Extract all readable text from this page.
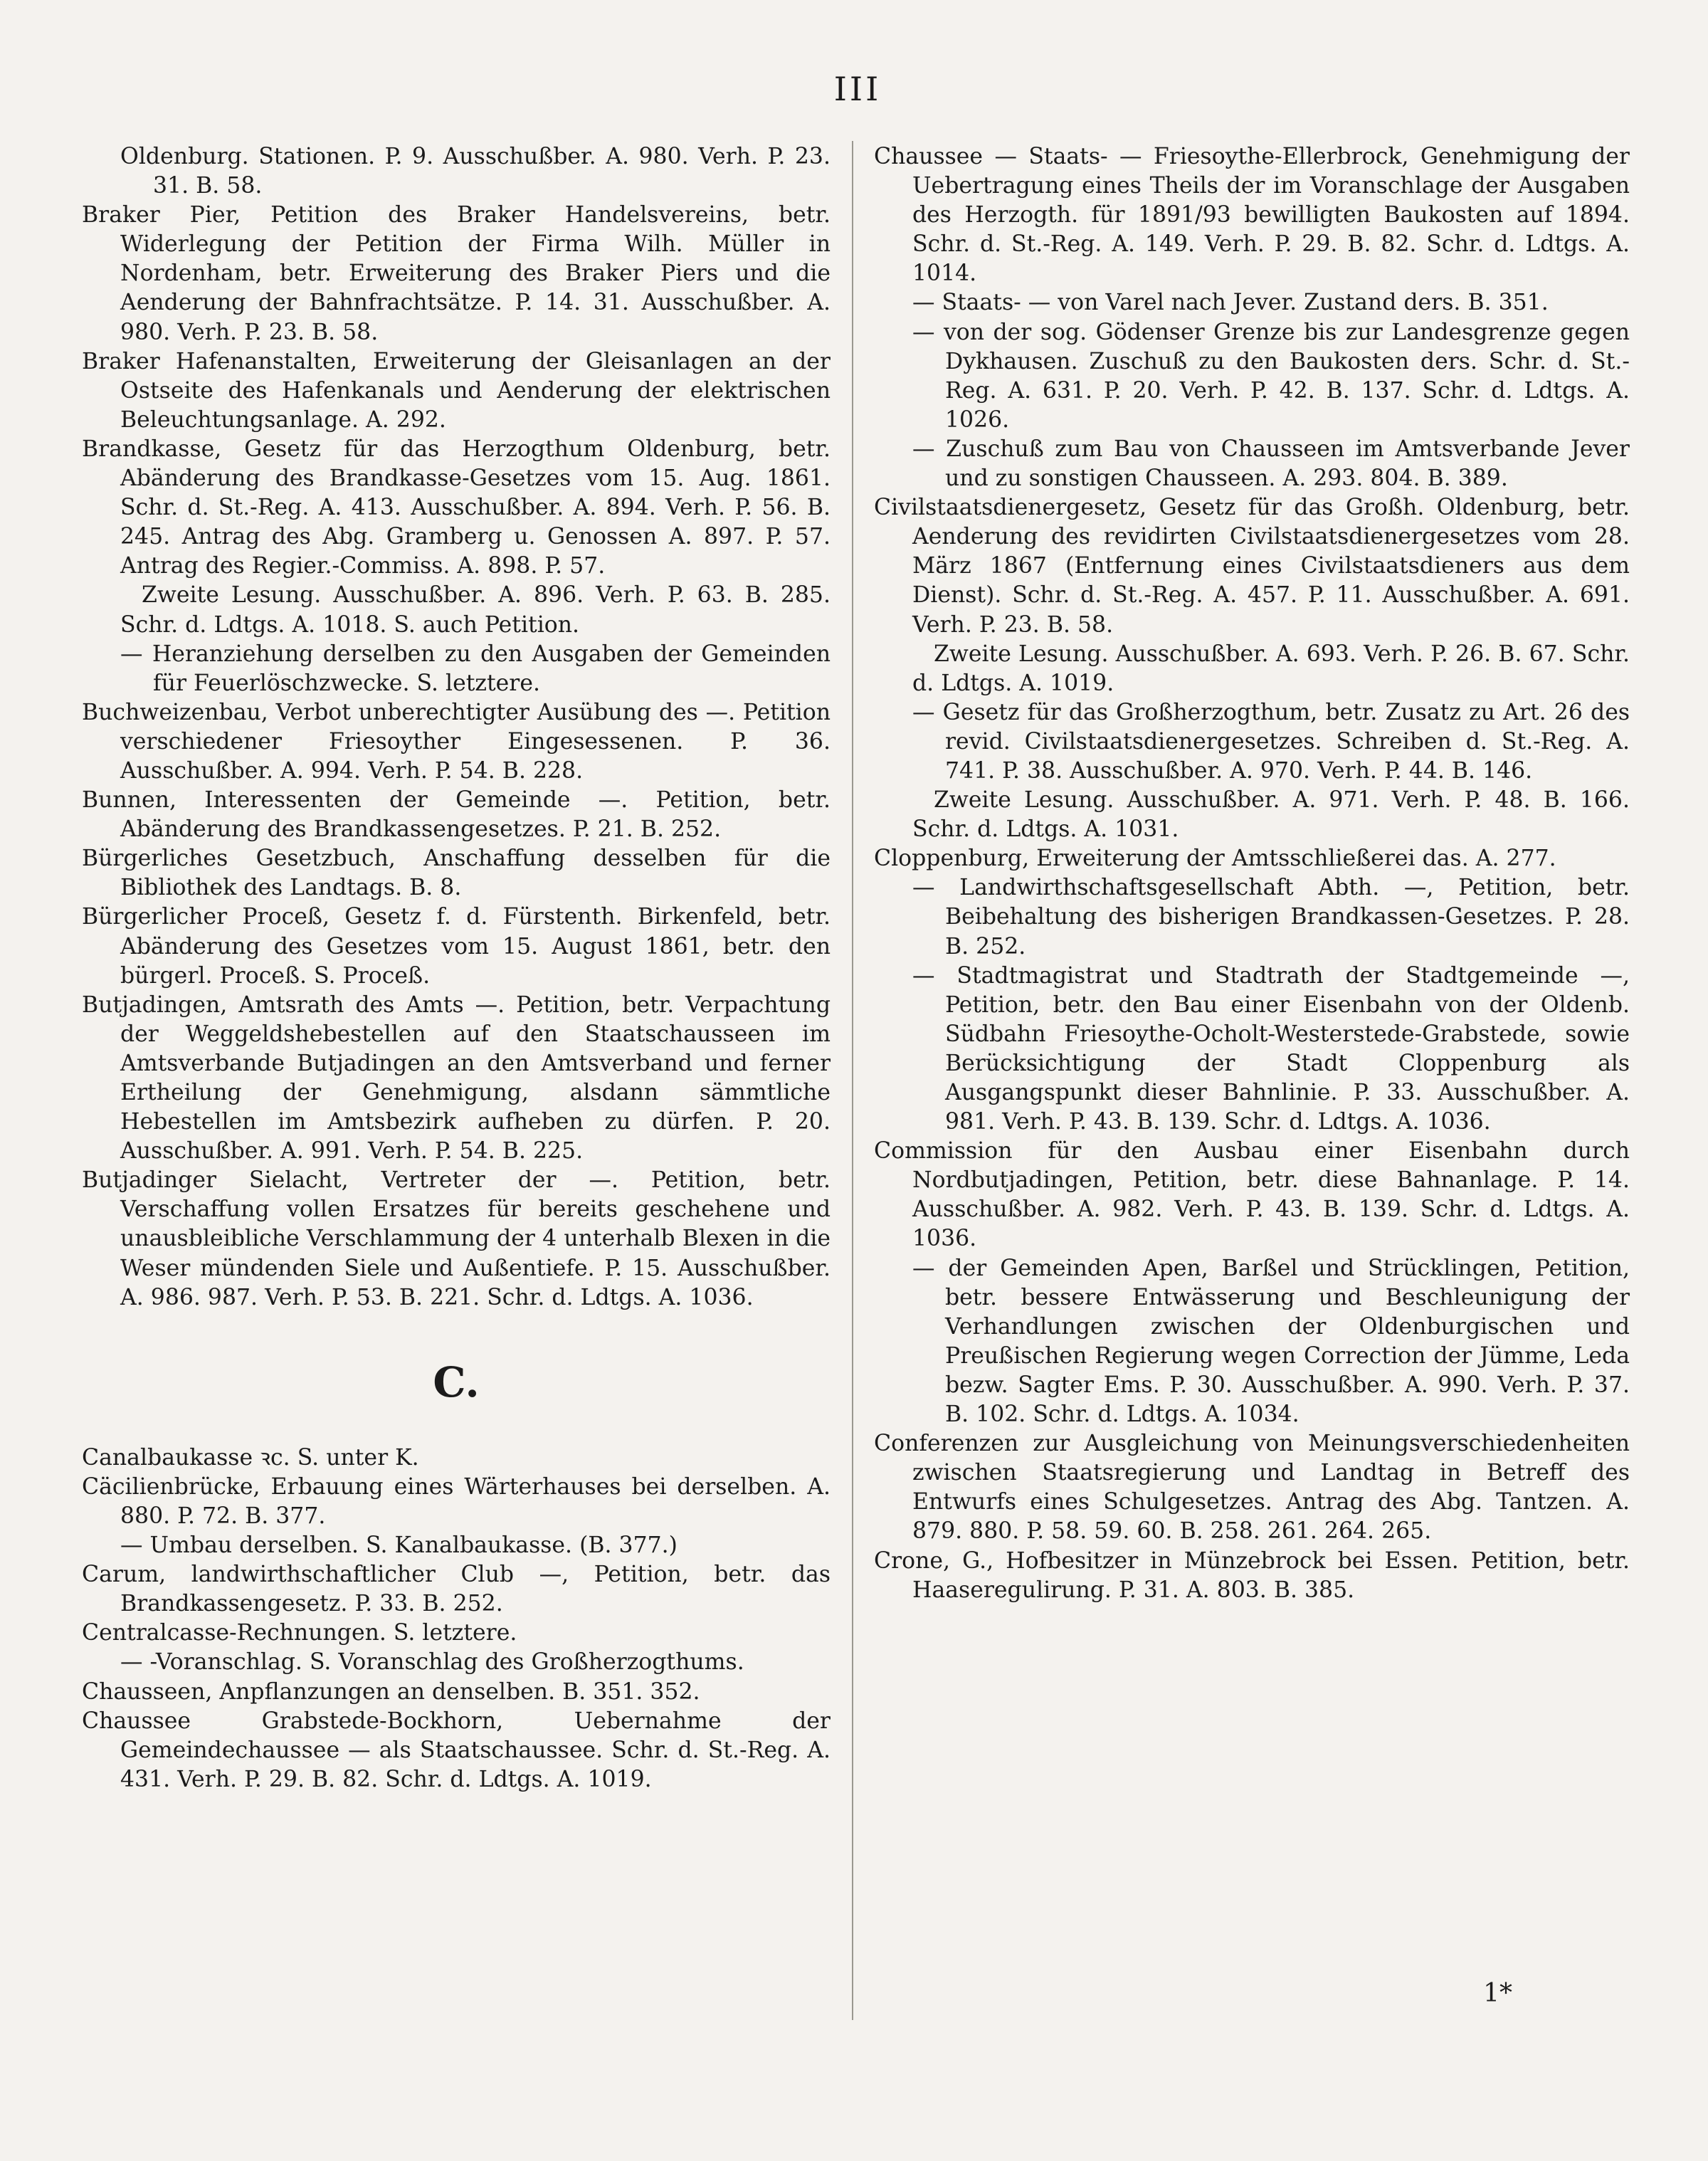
III

Oldenburg. Stationen. P. 9. Ausschußber. A. 980. Verh. P. 23. 31. B. 58.

Braker Pier, Petition des Braker Handelsvereins, betr. Widerlegung der Petition der Firma Wilh. Müller in Nordenham, betr. Erweiterung des Braker Piers und die Aenderung der Bahnfrachtsätze. P. 14. 31. Ausschußber. A. 980. Verh. P. 23. B. 58.

Braker Hafenanstalten, Erweiterung der Gleisanlagen an der Ostseite des Hafenkanals und Aenderung der elektrischen Beleuchtungsanlage. A. 292.

Brandkasse, Gesetz für das Herzogthum Oldenburg, betr. Abänderung des Brandkasse-Gesetzes vom 15. Aug. 1861. Schr. d. St.-Reg. A. 413. Ausschußber. A. 894. Verh. P. 56. B. 245. Antrag des Abg. Gramberg u. Genossen A. 897. P. 57. Antrag des Regier.-Commiss. A. 898. P. 57.

Zweite Lesung. Ausschußber. A. 896. Verh. P. 63. B. 285. Schr. d. Ldtgs. A. 1018. S. auch Petition.

— Heranziehung derselben zu den Ausgaben der Gemeinden für Feuerlöschzwecke. S. letztere.

Buchweizenbau, Verbot unberechtigter Ausübung des —. Petition verschiedener Friesoyther Eingesessenen. P. 36. Ausschußber. A. 994. Verh. P. 54. B. 228.

Bunnen, Interessenten der Gemeinde —. Petition, betr. Abänderung des Brandkassengesetzes. P. 21. B. 252.

Bürgerliches Gesetzbuch, Anschaffung desselben für die Bibliothek des Landtags. B. 8.

Bürgerlicher Proceß, Gesetz f. d. Fürstenth. Birkenfeld, betr. Abänderung des Gesetzes vom 15. August 1861, betr. den bürgerl. Proceß. S. Proceß.

Butjadingen, Amtsrath des Amts —. Petition, betr. Verpachtung der Weggeldshebestellen auf den Staatschausseen im Amtsverbande Butjadingen an den Amtsverband und ferner Ertheilung der Genehmigung, alsdann sämmtliche Hebestellen im Amtsbezirk aufheben zu dürfen. P. 20. Ausschußber. A. 991. Verh. P. 54. B. 225.

Butjadinger Sielacht, Vertreter der —. Petition, betr. Verschaffung vollen Ersatzes für bereits geschehene und unausbleibliche Verschlammung der 4 unterhalb Blexen in die Weser mündenden Siele und Außentiefe. P. 15. Ausschußber. A. 986. 987. Verh. P. 53. B. 221. Schr. d. Ldtgs. A. 1036.

C.

Canalbaukasse ꝛc. S. unter K.

Cäcilienbrücke, Erbauung eines Wärterhauses bei derselben. A. 880. P. 72. B. 377.

— Umbau derselben. S. Kanalbaukasse. (B. 377.)

Carum, landwirthschaftlicher Club —, Petition, betr. das Brandkassengesetz. P. 33. B. 252.

Centralcasse-Rechnungen. S. letztere.

— -Voranschlag. S. Voranschlag des Großherzogthums.

Chausseen, Anpflanzungen an denselben. B. 351. 352.

Chaussee Grabstede-Bockhorn, Uebernahme der Gemeindechaussee — als Staatschaussee. Schr. d. St.-Reg. A. 431. Verh. P. 29. B. 82. Schr. d. Ldtgs. A. 1019.

Chaussee — Staats- — Friesoythe-Ellerbrock, Genehmigung der Uebertragung eines Theils der im Voranschlage der Ausgaben des Herzogth. für 1891/93 bewilligten Baukosten auf 1894. Schr. d. St.-Reg. A. 149. Verh. P. 29. B. 82. Schr. d. Ldtgs. A. 1014.

— Staats- — von Varel nach Jever. Zustand ders. B. 351.

— von der sog. Gödenser Grenze bis zur Landesgrenze gegen Dykhausen. Zuschuß zu den Baukosten ders. Schr. d. St.-Reg. A. 631. P. 20. Verh. P. 42. B. 137. Schr. d. Ldtgs. A. 1026.

— Zuschuß zum Bau von Chausseen im Amtsverbande Jever und zu sonstigen Chausseen. A. 293. 804. B. 389.

Civilstaatsdienergesetz, Gesetz für das Großh. Oldenburg, betr. Aenderung des revidirten Civilstaatsdienergesetzes vom 28. März 1867 (Entfernung eines Civilstaatsdieners aus dem Dienst). Schr. d. St.-Reg. A. 457. P. 11. Ausschußber. A. 691. Verh. P. 23. B. 58.

Zweite Lesung. Ausschußber. A. 693. Verh. P. 26. B. 67. Schr. d. Ldtgs. A. 1019.

— Gesetz für das Großherzogthum, betr. Zusatz zu Art. 26 des revid. Civilstaatsdienergesetzes. Schreiben d. St.-Reg. A. 741. P. 38. Ausschußber. A. 970. Verh. P. 44. B. 146.

Zweite Lesung. Ausschußber. A. 971. Verh. P. 48. B. 166. Schr. d. Ldtgs. A. 1031.

Cloppenburg, Erweiterung der Amtsschließerei das. A. 277.

— Landwirthschaftsgesellschaft Abth. —, Petition, betr. Beibehaltung des bisherigen Brandkassen-Gesetzes. P. 28. B. 252.

— Stadtmagistrat und Stadtrath der Stadtgemeinde —, Petition, betr. den Bau einer Eisenbahn von der Oldenb. Südbahn Friesoythe-Ocholt-Westerstede-Grabstede, sowie Berücksichtigung der Stadt Cloppenburg als Ausgangspunkt dieser Bahnlinie. P. 33. Ausschußber. A. 981. Verh. P. 43. B. 139. Schr. d. Ldtgs. A. 1036.

Commission für den Ausbau einer Eisenbahn durch Nordbutjadingen, Petition, betr. diese Bahnanlage. P. 14. Ausschußber. A. 982. Verh. P. 43. B. 139. Schr. d. Ldtgs. A. 1036.

— der Gemeinden Apen, Barßel und Strücklingen, Petition, betr. bessere Entwässerung und Beschleunigung der Verhandlungen zwischen der Oldenburgischen und Preußischen Regierung wegen Correction der Jümme, Leda bezw. Sagter Ems. P. 30. Ausschußber. A. 990. Verh. P. 37. B. 102. Schr. d. Ldtgs. A. 1034.

Conferenzen zur Ausgleichung von Meinungsverschiedenheiten zwischen Staatsregierung und Landtag in Betreff des Entwurfs eines Schulgesetzes. Antrag des Abg. Tantzen. A. 879. 880. P. 58. 59. 60. B. 258. 261. 264. 265.

Crone, G., Hofbesitzer in Münzebrock bei Essen. Petition, betr. Haaseregulirung. P. 31. A. 803. B. 385.

1*
